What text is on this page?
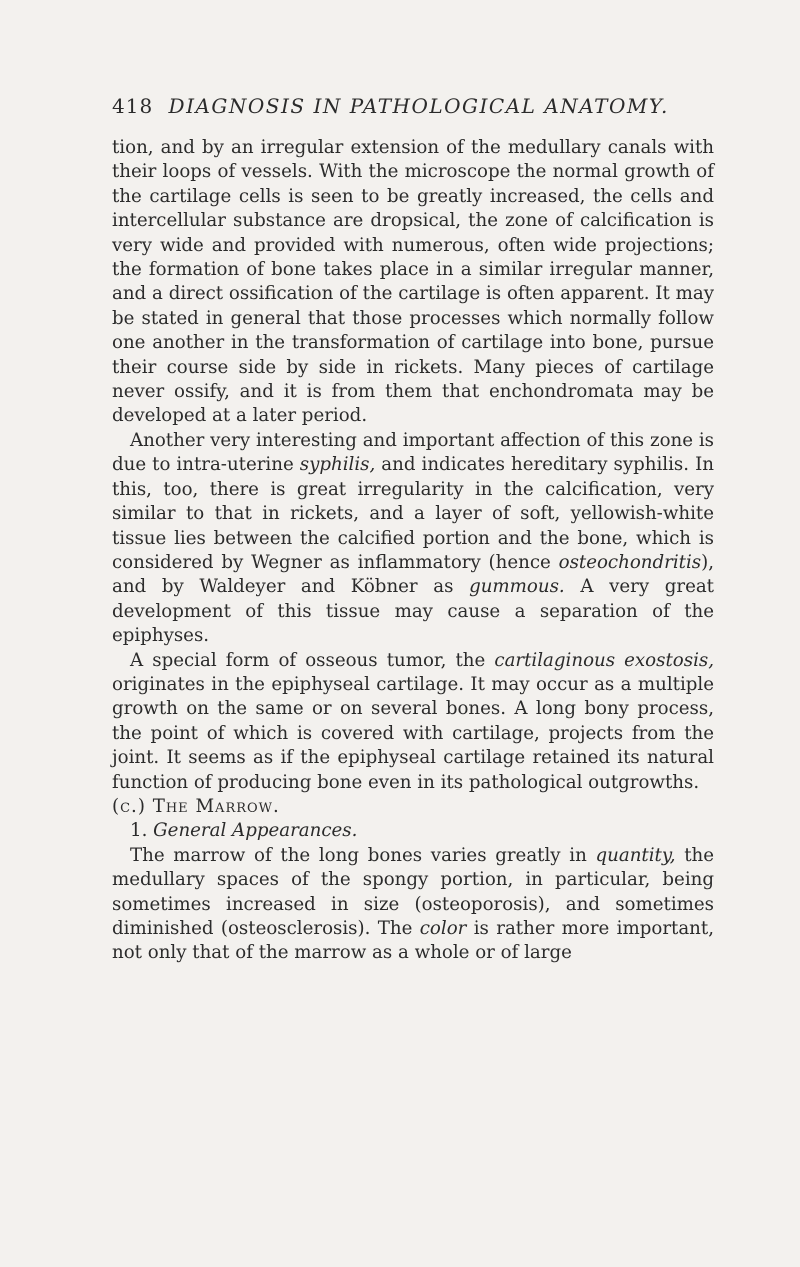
418 DIAGNOSIS IN PATHOLOGICAL ANATOMY.

tion, and by an irregular extension of the medullary canals with their loops of vessels. With the microscope the normal growth of the cartilage cells is seen to be greatly increased, the cells and intercellular substance are dropsical, the zone of calcification is very wide and provided with numerous, often wide projections; the formation of bone takes place in a similar irregular manner, and a direct ossification of the cartilage is often apparent. It may be stated in general that those processes which normally follow one another in the transformation of cartilage into bone, pursue their course side by side in rickets. Many pieces of cartilage never ossify, and it is from them that enchondromata may be developed at a later period.

Another very interesting and important affection of this zone is due to intra-uterine syphilis, and indicates hereditary syphilis. In this, too, there is great irregularity in the calcification, very similar to that in rickets, and a layer of soft, yellowish-white tissue lies between the calcified portion and the bone, which is considered by Wegner as inflammatory (hence osteochondritis), and by Waldeyer and Köbner as gummous. A very great development of this tissue may cause a separation of the epiphyses.

A special form of osseous tumor, the cartilaginous exostosis, originates in the epiphyseal cartilage. It may occur as a multiple growth on the same or on several bones. A long bony process, the point of which is covered with cartilage, projects from the joint. It seems as if the epiphyseal cartilage retained its natural function of producing bone even in its pathological outgrowths.

(c.) The Marrow.

1. General Appearances.

The marrow of the long bones varies greatly in quantity, the medullary spaces of the spongy portion, in particular, being sometimes increased in size (osteoporosis), and sometimes diminished (osteosclerosis). The color is rather more important, not only that of the marrow as a whole or of large
